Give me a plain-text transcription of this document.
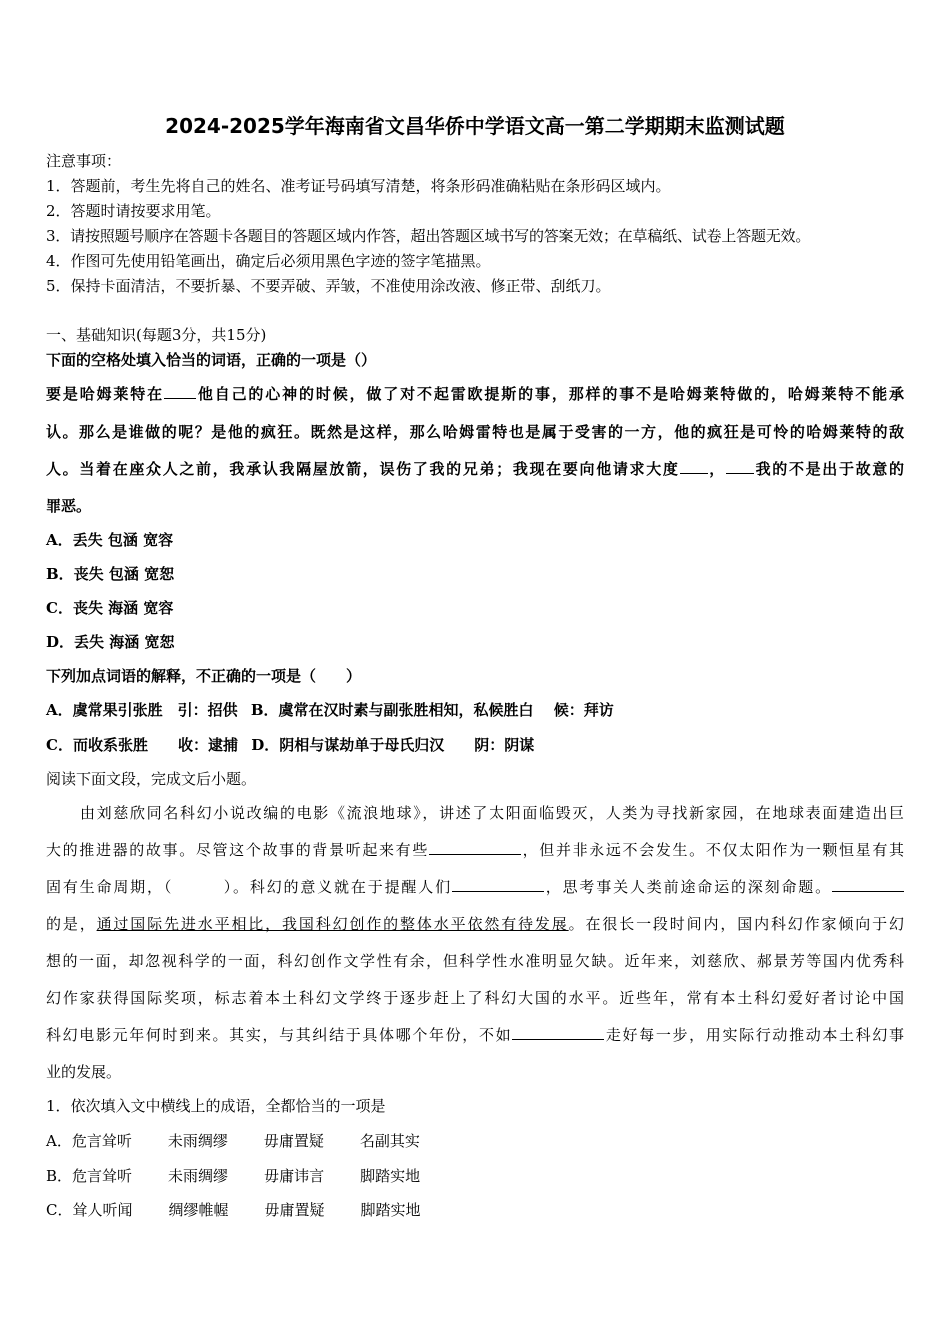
2024-2025学年海南省文昌华侨中学语文高一第二学期期末监测试题
注意事项：
1．答题前，考生先将自己的姓名、准考证号码填写清楚，将条形码准确粘贴在条形码区域内。
2．答题时请按要求用笔。
3．请按照题号顺序在答题卡各题目的答题区域内作答，超出答题区域书写的答案无效；在草稿纸、试卷上答题无效。
4．作图可先使用铅笔画出，确定后必须用黑色字迹的签字笔描黑。
5．保持卡面清洁，不要折暴、不要弄破、弄皱，不准使用涂改液、修正带、刮纸刀。
一、基础知识(每题3分，共15分)
下面的空格处填入恰当的词语，正确的一项是（）
要是哈姆莱特在 他自己的心神的时候，做了对不起雷欧提斯的事，那样的事不是哈姆莱特做的，哈姆莱特不能承
认。那么是谁做的呢？是他的疯狂。既然是这样，那么哈姆雷特也是属于受害的一方，他的疯狂是可怜的哈姆莱特的敌
人。当着在座众人之前，我承认我隔屋放箭，误伤了我的兄弟；我现在要向他请求大度 ， 我的不是出于故意的
罪恶。
A．丢失 包涵 宽容
B．丧失 包涵 宽恕
C．丧失 海涵 宽容
D．丢失 海涵 宽恕
下列加点词语的解释，不正确的一项是（　　）
A．虞常果引张胜　引：招供 B．虞常在汉时素与副张胜相知，私候胜白　 候：拜访
C．而收系张胜　　收：逮捕 D．阴相与谋劫单于母氏归汉　　阴：阴谋
阅读下面文段，完成文后小题。
由刘慈欣同名科幻小说改编的电影《流浪地球》，讲述了太阳面临毁灭，人类为寻找新家园，在地球表面建造出巨
大的推进器的故事。尽管这个故事的背景听起来有些	，但并非永远不会发生。不仅太阳作为一颗恒星有其
固有生命周期，（　　　）。科幻的意义就在于提醒人们	，思考事关人类前途命运的深刻命题。
的是，通过国际先进水平相比，我国科幻创作的整体水平依然有待发展。在很长一段时间内，国内科幻作家倾向于幻
想的一面，却忽视科学的一面，科幻创作文学性有余，但科学性水准明显欠缺。近年来，刘慈欣、郝景芳等国内优秀科
幻作家获得国际奖项，标志着本土科幻文学终于逐步赶上了科幻大国的水平。近些年，常有本土科幻爱好者讨论中国
科幻电影元年何时到来。其实，与其纠结于具体哪个年份，不如	走好每一步，用实际行动推动本土科幻事
业的发展。
1．依次填入文中横线上的成语，全都恰当的一项是
A．危言耸听 未雨绸缪 毋庸置疑 名副其实
B．危言耸听 未雨绸缪 毋庸讳言 脚踏实地
C．耸人听闻 绸缪帷幄 毋庸置疑 脚踏实地
